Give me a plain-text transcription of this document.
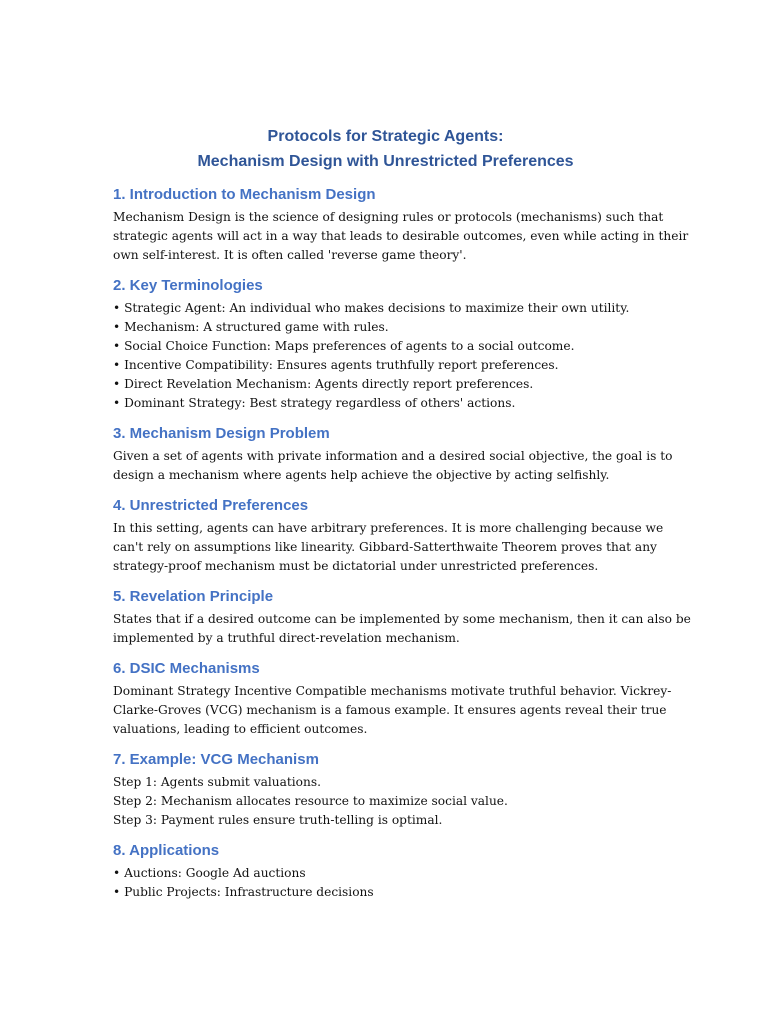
Protocols for Strategic Agents:
Mechanism Design with Unrestricted Preferences
1. Introduction to Mechanism Design
Mechanism Design is the science of designing rules or protocols (mechanisms) such that
strategic agents will act in a way that leads to desirable outcomes, even while acting in their
own self-interest. It is often called 'reverse game theory'.
2. Key Terminologies
• Strategic Agent: An individual who makes decisions to maximize their own utility.
• Mechanism: A structured game with rules.
• Social Choice Function: Maps preferences of agents to a social outcome.
• Incentive Compatibility: Ensures agents truthfully report preferences.
• Direct Revelation Mechanism: Agents directly report preferences.
• Dominant Strategy: Best strategy regardless of others' actions.
3. Mechanism Design Problem
Given a set of agents with private information and a desired social objective, the goal is to
design a mechanism where agents help achieve the objective by acting selfishly.
4. Unrestricted Preferences
In this setting, agents can have arbitrary preferences. It is more challenging because we
can't rely on assumptions like linearity. Gibbard-Satterthwaite Theorem proves that any
strategy-proof mechanism must be dictatorial under unrestricted preferences.
5. Revelation Principle
States that if a desired outcome can be implemented by some mechanism, then it can also be
implemented by a truthful direct-revelation mechanism.
6. DSIC Mechanisms
Dominant Strategy Incentive Compatible mechanisms motivate truthful behavior. Vickrey-
Clarke-Groves (VCG) mechanism is a famous example. It ensures agents reveal their true
valuations, leading to efficient outcomes.
7. Example: VCG Mechanism
Step 1: Agents submit valuations.
Step 2: Mechanism allocates resource to maximize social value.
Step 3: Payment rules ensure truth-telling is optimal.
8. Applications
• Auctions: Google Ad auctions
• Public Projects: Infrastructure decisions
